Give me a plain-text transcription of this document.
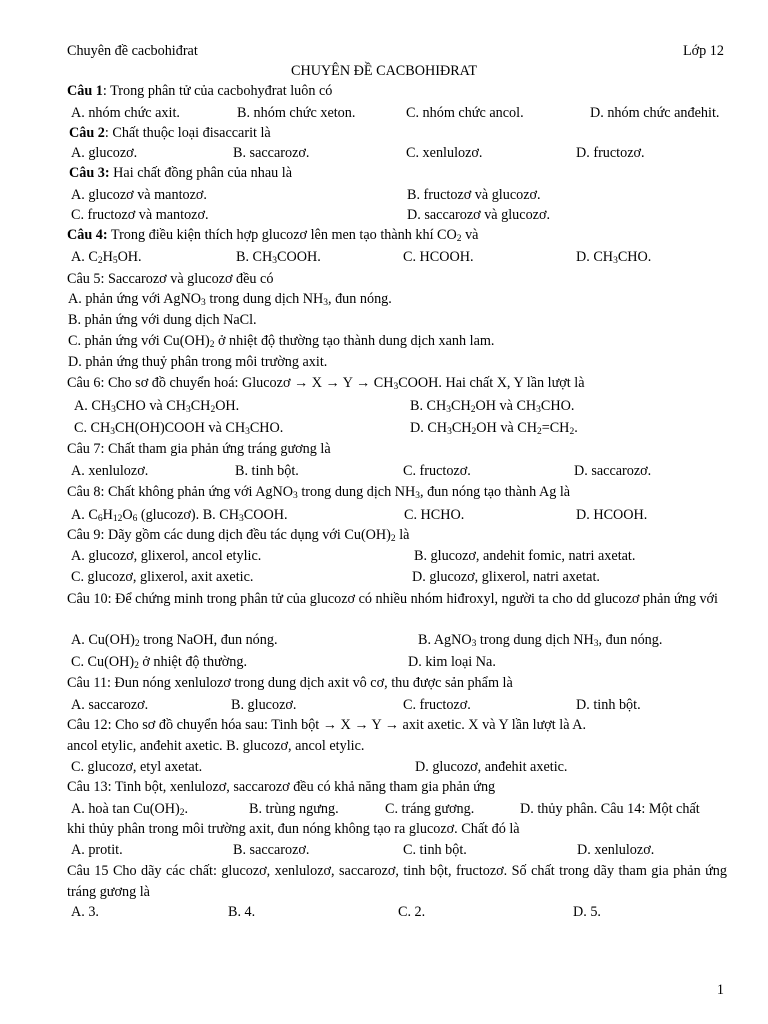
Chuyên đề cacbohiđrat	Lớp 12
CHUYÊN ĐỀ CACBOHIĐRAT
Câu 1: Trong phân tử của cacbohyđrat luôn có
A. nhóm chức axit.	B. nhóm chức xeton.	C. nhóm chức ancol.	D. nhóm chức anđehit.
Câu 2: Chất thuộc loại đisaccarit là
A. glucozơ.	B. saccarozơ.	C. xenlulozơ.	D. fructozơ.
Câu 3: Hai chất đồng phân của nhau là
A. glucozơ và mantozơ.	B. fructozơ và glucozơ.
C. fructozơ và mantozơ.	D. saccarozơ và glucozơ.
Câu 4: Trong điều kiện thích hợp glucozơ lên men tạo thành khí $CO_2$ và
A. $C_2H_5OH$.	B. $CH_3COOH$.	C. HCOOH.	D. $CH_3CHO$.
Câu 5: Saccarozơ và glucozơ đều có
A. phản ứng với AgNO$_3$ trong dung dịch $NH_3$, đun nóng.
B. phản ứng với dung dịch NaCl.
C. phản ứng với $Cu(OH)_2$ ở nhiệt độ thường tạo thành dung dịch xanh lam.
D. phản ứng thuỷ phân trong môi trường axit.
Câu 6: Cho sơ đồ chuyển hoá: Glucozơ → $X \to Y \to CH_3COOH$. Hai chất X, Y lần lượt là
A. $CH_3CHO$ và $CH_3CH_2OH$.	B. $CH_3CH_2OH$ và $CH_3CHO$.
C. $CH_3CH(OH)COOH$ và $CH_3CHO$.	D. $CH_3CH_2OH$ và $CH_2=CH_2$.
Câu 7: Chất tham gia phản ứng tráng gương là
A. xenlulozơ.	B. tinh bột.	C. fructozơ.	D. saccarozơ.
Câu 8: Chất không phản ứng với AgNO$_3$ trong dung dịch $NH_3$, đun nóng tạo thành Ag là
A. $C_6H_{12}O_6$ (glucozơ). B. $CH_3COOH$.	C. HCHO.	D. HCOOH.
Câu 9: Dãy gồm các dung dịch đều tác dụng với $Cu(OH)_2$ là
A. glucozơ, glixerol, ancol etylic.	B. glucozơ, andehit fomic, natri axetat.
C. glucozơ, glixerol, axit axetic.	D. glucozơ, glixerol, natri axetat.
Câu 10: Để chứng minh trong phân tử của glucozơ có nhiều nhóm hiđroxyl, người ta cho dd glucozơ phản ứng với
A. $Cu(OH)_2$ trong NaOH, đun nóng.	B. AgNO$_3$ trong dung dịch $NH_3$, đun nóng.
C. $Cu(OH)_2$ ở nhiệt độ thường.	D. kim loại Na.
Câu 11: Đun nóng xenlulozơ trong dung dịch axit vô cơ, thu được sản phẩm là
A. saccarozơ.	B. glucozơ.	C. fructozơ.	D. tinh bột.
Câu 12: Cho sơ đồ chuyển hóa sau: Tinh bột → X → Y → axit axetic. X và Y lần lượt là A.
ancol etylic, anđehit axetic. B. glucozơ, ancol etylic.
C. glucozơ, etyl axetat.	D. glucozơ, anđehit axetic.
Câu 13: Tinh bột, xenlulozơ, saccarozơ đều có khả năng tham gia phản ứng
A. hoà $\tan Cu(OH)_2$.	B. trùng ngưng.	C. tráng gương.	D. thủy phân. Câu 14: Một chất
khi thủy phân trong môi trường axit, đun nóng không tạo ra glucozơ. Chất đó là
A. protit.	B. saccarozơ.	C. tinh bột.	D. xenlulozơ.
Câu 15 Cho dãy các chất: glucozơ, xenlulozơ, saccarozơ, tinh bột, fructozơ. Số chất trong dãy tham gia phản ứng tráng gương là
A. 3.	B. 4.	C. 2.	D. 5.
1
